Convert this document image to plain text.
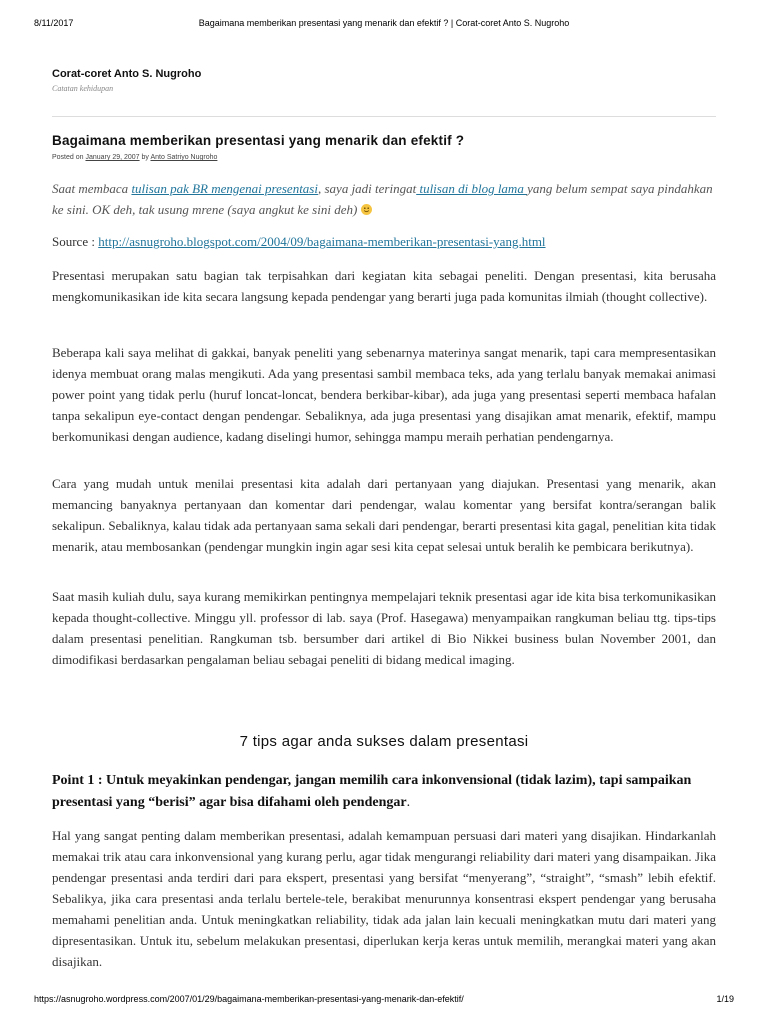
8/11/2017	Bagaimana memberikan presentasi yang menarik dan efektif ? | Corat-coret Anto S. Nugroho
Corat-coret Anto S. Nugroho
Catatan kehidupan
Bagaimana memberikan presentasi yang menarik dan efektif ?
Posted on January 29, 2007 by Anto Satriyo Nugroho

Saat membaca tulisan pak BR mengenai presentasi, saya jadi teringat tulisan di blog lama yang belum sempat saya pindahkan ke sini. OK deh, tak usung mrene (saya angkut ke sini deh)

Source : http://asnugroho.blogspot.com/2004/09/bagaimana-memberikan-presentasi-yang.html

Presentasi merupakan satu bagian tak terpisahkan dari kegiatan kita sebagai peneliti. Dengan presentasi, kita berusaha mengkomunikasikan ide kita secara langsung kepada pendengar yang berarti juga pada komunitas ilmiah (thought collective).

Beberapa kali saya melihat di gakkai, banyak peneliti yang sebenarnya materinya sangat menarik, tapi cara mempresentasikan idenya membuat orang malas mengikuti. Ada yang presentasi sambil membaca teks, ada yang terlalu banyak memakai animasi power point yang tidak perlu (huruf loncat-loncat, bendera berkibar-kibar), ada juga yang presentasi seperti membaca hafalan tanpa sekalipun eye-contact dengan pendengar. Sebaliknya, ada juga presentasi yang disajikan amat menarik, efektif, mampu berkomunikasi dengan audience, kadang diselingi humor, sehingga mampu meraih perhatian pendengarnya.

Cara yang mudah untuk menilai presentasi kita adalah dari pertanyaan yang diajukan. Presentasi yang menarik, akan memancing banyaknya pertanyaan dan komentar dari pendengar, walau komentar yang bersifat kontra/serangan balik sekalipun. Sebaliknya, kalau tidak ada pertanyaan sama sekali dari pendengar, berarti presentasi kita gagal, penelitian kita tidak menarik, atau membosankan (pendengar mungkin ingin agar sesi kita cepat selesai untuk beralih ke pembicara berikutnya).

Saat masih kuliah dulu, saya kurang memikirkan pentingnya mempelajari teknik presentasi agar ide kita bisa terkomunikasikan kepada thought-collective. Minggu yll. professor di lab. saya (Prof. Hasegawa) menyampaikan rangkuman beliau ttg. tips-tips dalam presentasi penelitian. Rangkuman tsb. bersumber dari artikel di Bio Nikkei business bulan November 2001, dan dimodifikasi berdasarkan pengalaman beliau sebagai peneliti di bidang medical imaging.

7 tips agar anda sukses dalam presentasi

Point 1 : Untuk meyakinkan pendengar, jangan memilih cara inkonvensional (tidak lazim), tapi sampaikan presentasi yang “berisi” agar bisa difahami oleh pendengar.

Hal yang sangat penting dalam memberikan presentasi, adalah kemampuan persuasi dari materi yang disajikan. Hindarkanlah memakai trik atau cara inkonvensional yang kurang perlu, agar tidak mengurangi reliability dari materi yang disampaikan. Jika pendengar presentasi anda terdiri dari para ekspert, presentasi yang bersifat “menyerang”, “straight”, “smash” lebih efektif. Sebalikya, jika cara presentasi anda terlalu bertele-tele, berakibat menurunnya konsentrasi ekspert pendengar yang berusaha memahami penelitian anda. Untuk meningkatkan reliability, tidak ada jalan lain kecuali meningkatkan mutu dari materi yang dipresentasikan. Untuk itu, sebelum melakukan presentasi, diperlukan kerja keras untuk memilih, merangkai materi yang akan disajikan.

https://asnugroho.wordpress.com/2007/01/29/bagaimana-memberikan-presentasi-yang-menarik-dan-efektif/	1/19
